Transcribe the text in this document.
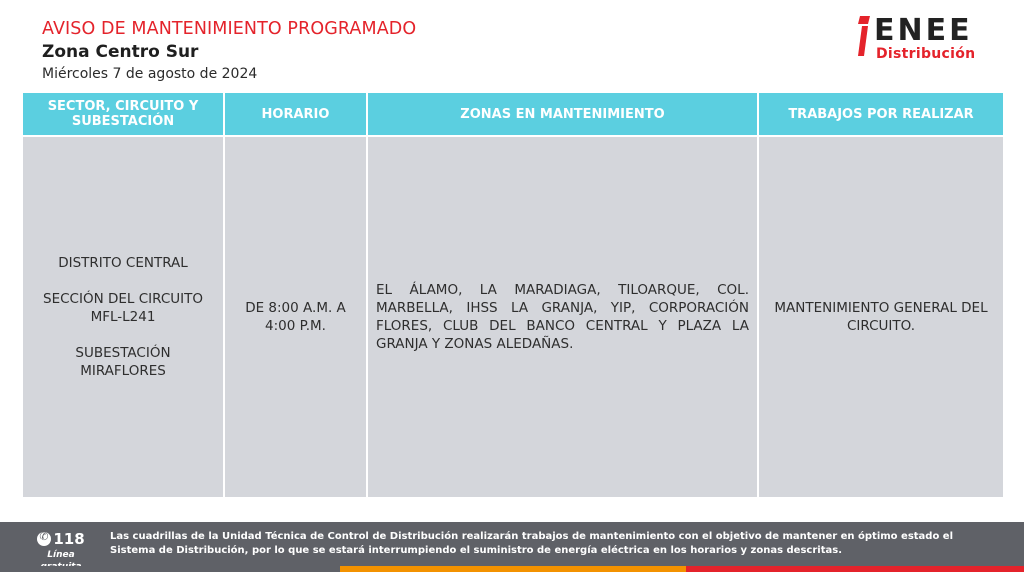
AVISO DE MANTENIMIENTO PROGRAMADO
Zona Centro Sur
Miércoles 7 de agosto de 2024
ENEE
Distribución
SECTOR, CIRCUITO Y SUBESTACIÓN	HORARIO	ZONAS EN MANTENIMIENTO	TRABAJOS POR REALIZAR

DISTRITO CENTRAL
SECCIÓN DEL CIRCUITO MFL-L241
SUBESTACIÓN MIRAFLORES	DE 8:00 A.M. A 4:00 P.M.	EL ÁLAMO, LA MARADIAGA, TILOARQUE, COL. MARBELLA, IHSS LA GRANJA, YIP, CORPORACIÓN FLORES, CLUB DEL BANCO CENTRAL Y PLAZA LA GRANJA Y ZONAS ALEDAÑAS.	MANTENIMIENTO GENERAL DEL CIRCUITO.
✆118
Línea
Las cuadrillas de la Unidad Técnica de Control de Distribución realizarán trabajos de mantenimiento con el objetivo de mantener en óptimo estado el Sistema de Distribución, por lo que se estará interrumpiendo el suministro de energía eléctrica en los horarios y zonas descritas.
